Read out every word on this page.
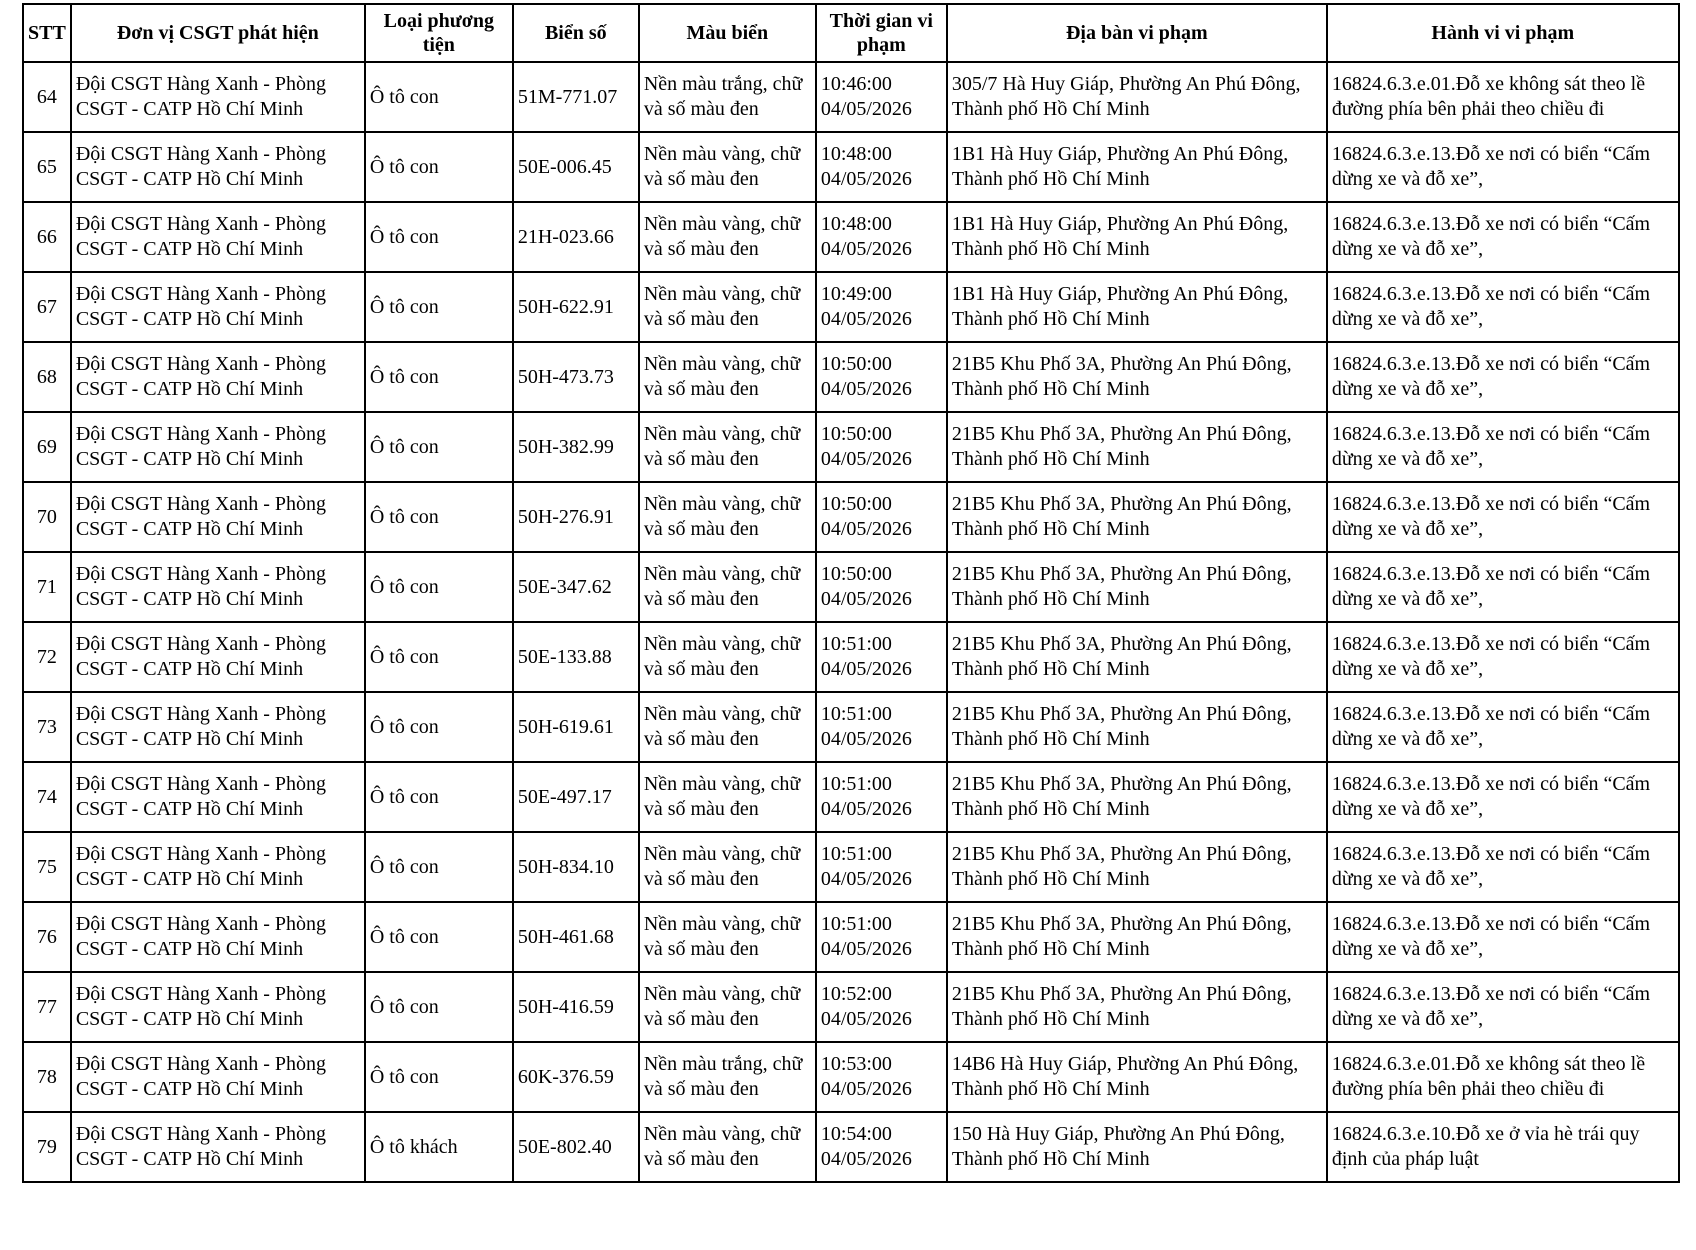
STT	Đơn vị CSGT phát hiện	Loại phương tiện	Biển số	Màu biển	Thời gian vi phạm	Địa bàn vi phạm	Hành vi vi phạm
64	Đội CSGT Hàng Xanh - Phòng CSGT - CATP Hồ Chí Minh	Ô tô con	51M-771.07	Nền màu trắng, chữ và số màu đen	10:46:00 04/05/2026	305/7 Hà Huy Giáp, Phường An Phú Đông, Thành phố Hồ Chí Minh	16824.6.3.e.01.Đỗ xe không sát theo lề đường phía bên phải theo chiều đi
65	Đội CSGT Hàng Xanh - Phòng CSGT - CATP Hồ Chí Minh	Ô tô con	50E-006.45	Nền màu vàng, chữ và số màu đen	10:48:00 04/05/2026	1B1 Hà Huy Giáp, Phường An Phú Đông, Thành phố Hồ Chí Minh	16824.6.3.e.13.Đỗ xe nơi có biển “Cấm dừng xe và đỗ xe”,
66	Đội CSGT Hàng Xanh - Phòng CSGT - CATP Hồ Chí Minh	Ô tô con	21H-023.66	Nền màu vàng, chữ và số màu đen	10:48:00 04/05/2026	1B1 Hà Huy Giáp, Phường An Phú Đông, Thành phố Hồ Chí Minh	16824.6.3.e.13.Đỗ xe nơi có biển “Cấm dừng xe và đỗ xe”,
67	Đội CSGT Hàng Xanh - Phòng CSGT - CATP Hồ Chí Minh	Ô tô con	50H-622.91	Nền màu vàng, chữ và số màu đen	10:49:00 04/05/2026	1B1 Hà Huy Giáp, Phường An Phú Đông, Thành phố Hồ Chí Minh	16824.6.3.e.13.Đỗ xe nơi có biển “Cấm dừng xe và đỗ xe”,
68	Đội CSGT Hàng Xanh - Phòng CSGT - CATP Hồ Chí Minh	Ô tô con	50H-473.73	Nền màu vàng, chữ và số màu đen	10:50:00 04/05/2026	21B5 Khu Phố 3A, Phường An Phú Đông, Thành phố Hồ Chí Minh	16824.6.3.e.13.Đỗ xe nơi có biển “Cấm dừng xe và đỗ xe”,
69	Đội CSGT Hàng Xanh - Phòng CSGT - CATP Hồ Chí Minh	Ô tô con	50H-382.99	Nền màu vàng, chữ và số màu đen	10:50:00 04/05/2026	21B5 Khu Phố 3A, Phường An Phú Đông, Thành phố Hồ Chí Minh	16824.6.3.e.13.Đỗ xe nơi có biển “Cấm dừng xe và đỗ xe”,
70	Đội CSGT Hàng Xanh - Phòng CSGT - CATP Hồ Chí Minh	Ô tô con	50H-276.91	Nền màu vàng, chữ và số màu đen	10:50:00 04/05/2026	21B5 Khu Phố 3A, Phường An Phú Đông, Thành phố Hồ Chí Minh	16824.6.3.e.13.Đỗ xe nơi có biển “Cấm dừng xe và đỗ xe”,
71	Đội CSGT Hàng Xanh - Phòng CSGT - CATP Hồ Chí Minh	Ô tô con	50E-347.62	Nền màu vàng, chữ và số màu đen	10:50:00 04/05/2026	21B5 Khu Phố 3A, Phường An Phú Đông, Thành phố Hồ Chí Minh	16824.6.3.e.13.Đỗ xe nơi có biển “Cấm dừng xe và đỗ xe”,
72	Đội CSGT Hàng Xanh - Phòng CSGT - CATP Hồ Chí Minh	Ô tô con	50E-133.88	Nền màu vàng, chữ và số màu đen	10:51:00 04/05/2026	21B5 Khu Phố 3A, Phường An Phú Đông, Thành phố Hồ Chí Minh	16824.6.3.e.13.Đỗ xe nơi có biển “Cấm dừng xe và đỗ xe”,
73	Đội CSGT Hàng Xanh - Phòng CSGT - CATP Hồ Chí Minh	Ô tô con	50H-619.61	Nền màu vàng, chữ và số màu đen	10:51:00 04/05/2026	21B5 Khu Phố 3A, Phường An Phú Đông, Thành phố Hồ Chí Minh	16824.6.3.e.13.Đỗ xe nơi có biển “Cấm dừng xe và đỗ xe”,
74	Đội CSGT Hàng Xanh - Phòng CSGT - CATP Hồ Chí Minh	Ô tô con	50E-497.17	Nền màu vàng, chữ và số màu đen	10:51:00 04/05/2026	21B5 Khu Phố 3A, Phường An Phú Đông, Thành phố Hồ Chí Minh	16824.6.3.e.13.Đỗ xe nơi có biển “Cấm dừng xe và đỗ xe”,
75	Đội CSGT Hàng Xanh - Phòng CSGT - CATP Hồ Chí Minh	Ô tô con	50H-834.10	Nền màu vàng, chữ và số màu đen	10:51:00 04/05/2026	21B5 Khu Phố 3A, Phường An Phú Đông, Thành phố Hồ Chí Minh	16824.6.3.e.13.Đỗ xe nơi có biển “Cấm dừng xe và đỗ xe”,
76	Đội CSGT Hàng Xanh - Phòng CSGT - CATP Hồ Chí Minh	Ô tô con	50H-461.68	Nền màu vàng, chữ và số màu đen	10:51:00 04/05/2026	21B5 Khu Phố 3A, Phường An Phú Đông, Thành phố Hồ Chí Minh	16824.6.3.e.13.Đỗ xe nơi có biển “Cấm dừng xe và đỗ xe”,
77	Đội CSGT Hàng Xanh - Phòng CSGT - CATP Hồ Chí Minh	Ô tô con	50H-416.59	Nền màu vàng, chữ và số màu đen	10:52:00 04/05/2026	21B5 Khu Phố 3A, Phường An Phú Đông, Thành phố Hồ Chí Minh	16824.6.3.e.13.Đỗ xe nơi có biển “Cấm dừng xe và đỗ xe”,
78	Đội CSGT Hàng Xanh - Phòng CSGT - CATP Hồ Chí Minh	Ô tô con	60K-376.59	Nền màu trắng, chữ và số màu đen	10:53:00 04/05/2026	14B6 Hà Huy Giáp, Phường An Phú Đông, Thành phố Hồ Chí Minh	16824.6.3.e.01.Đỗ xe không sát theo lề đường phía bên phải theo chiều đi
79	Đội CSGT Hàng Xanh - Phòng CSGT - CATP Hồ Chí Minh	Ô tô khách	50E-802.40	Nền màu vàng, chữ và số màu đen	10:54:00 04/05/2026	150 Hà Huy Giáp, Phường An Phú Đông, Thành phố Hồ Chí Minh	16824.6.3.e.10.Đỗ xe ở vỉa hè trái quy định của pháp luật
